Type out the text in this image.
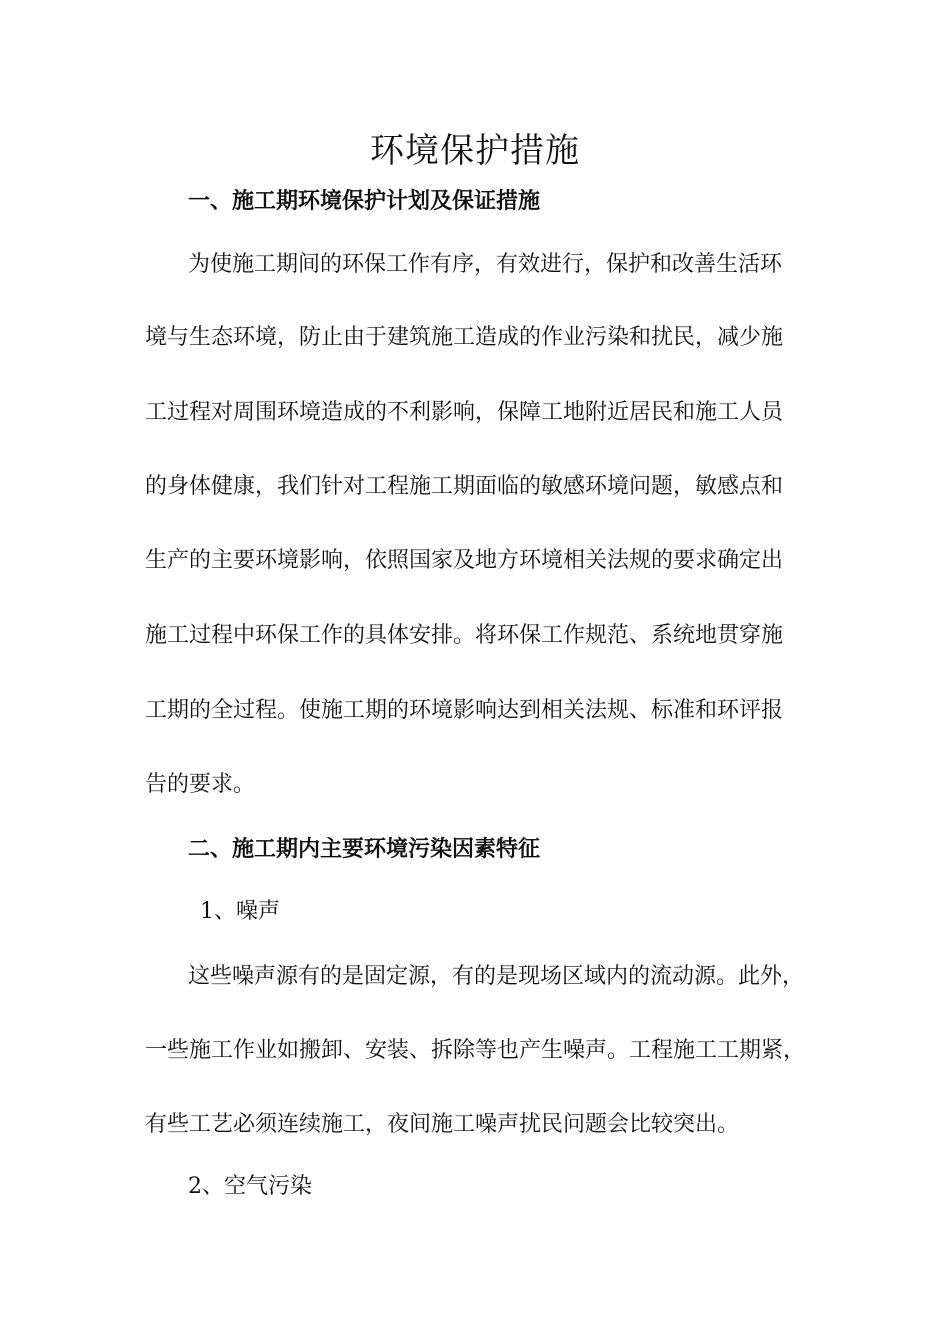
环境保护措施
一、施工期环境保护计划及保证措施
为使施工期间的环保工作有序，有效进行，保护和改善生活环
境与生态环境，防止由于建筑施工造成的作业污染和扰民，减少施
工过程对周围环境造成的不利影响，保障工地附近居民和施工人员
的身体健康，我们针对工程施工期面临的敏感环境问题，敏感点和
生产的主要环境影响，依照国家及地方环境相关法规的要求确定出
施工过程中环保工作的具体安排。将环保工作规范、系统地贯穿施
工期的全过程。使施工期的环境影响达到相关法规、标准和环评报
告的要求。
二、施工期内主要环境污染因素特征
1、噪声
这些噪声源有的是固定源，有的是现场区域内的流动源。此外，
一些施工作业如搬卸、安装、拆除等也产生噪声。工程施工工期紧，
有些工艺必须连续施工，夜间施工噪声扰民问题会比较突出。
2、空气污染
